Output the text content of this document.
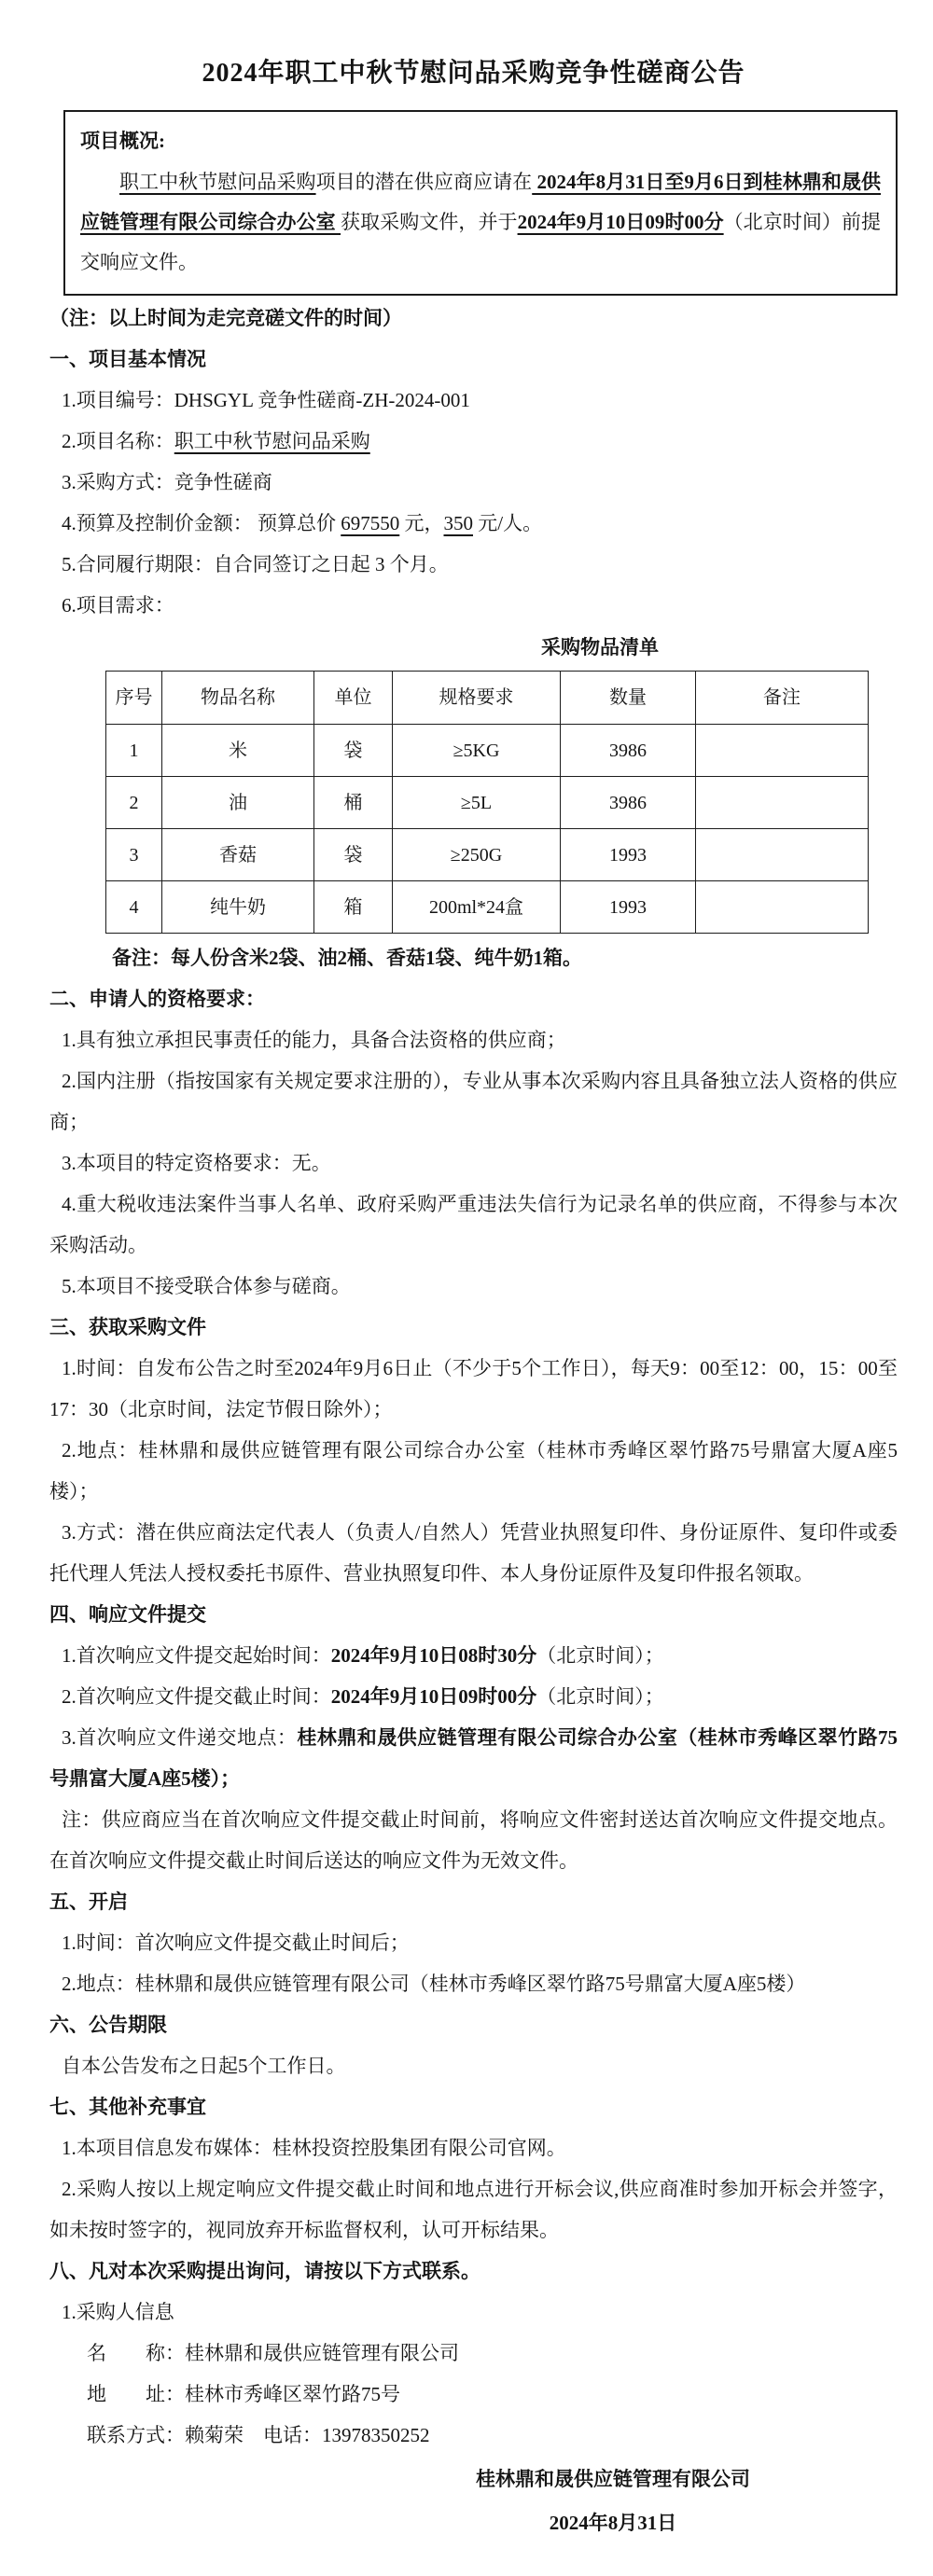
2024年职工中秋节慰问品采购竞争性磋商公告
项目概况:

职工中秋节慰问品采购项目的潜在供应商应请在 2024年8月31日至9月6日到桂林鼎和晟供应链管理有限公司综合办公室 获取采购文件，并于2024年9月10日09时00分（北京时间）前提交响应文件。

（注：以上时间为走完竞磋文件的时间）

一、项目基本情况

1.项目编号：DHSGYL 竞争性磋商-ZH-2024-001

2.项目名称：职工中秋节慰问品采购

3.采购方式：竞争性磋商

4.预算及控制价金额： 预算总价 697550 元，350 元/人。

5.合同履行期限：自合同签订之日起 3 个月。

6.项目需求：

采购物品清单
序号	物品名称	单位	规格要求	数量	备注
1	米	袋	≥5KG	3986	
2	油	桶	≥5L	3986	
3	香菇	袋	≥250G	1993	
4	纯牛奶	箱	200ml*24盒	1993	

备注：每人份含米2袋、油2桶、香菇1袋、纯牛奶1箱。

二、申请人的资格要求：

1.具有独立承担民事责任的能力，具备合法资格的供应商；

2.国内注册（指按国家有关规定要求注册的），专业从事本次采购内容且具备独立法人资格的供应商；

3.本项目的特定资格要求：无。

4.重大税收违法案件当事人名单、政府采购严重违法失信行为记录名单的供应商，不得参与本次采购活动。

5.本项目不接受联合体参与磋商。

三、获取采购文件

1.时间：自发布公告之时至2024年9月6日止（不少于5个工作日），每天9：00至12：00，15：00至17：30（北京时间，法定节假日除外）；

2.地点：桂林鼎和晟供应链管理有限公司综合办公室（桂林市秀峰区翠竹路75号鼎富大厦A座5楼）；

3.方式：潜在供应商法定代表人（负责人/自然人）凭营业执照复印件、身份证原件、复印件或委托代理人凭法人授权委托书原件、营业执照复印件、本人身份证原件及复印件报名领取。

四、响应文件提交

1.首次响应文件提交起始时间：2024年9月10日08时30分（北京时间）；

2.首次响应文件提交截止时间：2024年9月10日09时00分（北京时间）；

3.首次响应文件递交地点：桂林鼎和晟供应链管理有限公司综合办公室（桂林市秀峰区翠竹路75号鼎富大厦A座5楼）；

注：供应商应当在首次响应文件提交截止时间前，将响应文件密封送达首次响应文件提交地点。在首次响应文件提交截止时间后送达的响应文件为无效文件。

五、开启

1.时间：首次响应文件提交截止时间后；

2.地点：桂林鼎和晟供应链管理有限公司（桂林市秀峰区翠竹路75号鼎富大厦A座5楼）

六、公告期限

自本公告发布之日起5个工作日。

七、其他补充事宜

1.本项目信息发布媒体：桂林投资控股集团有限公司官网。

2.采购人按以上规定响应文件提交截止时间和地点进行开标会议,供应商准时参加开标会并签字，如未按时签字的，视同放弃开标监督权利，认可开标结果。

八、凡对本次采购提出询问，请按以下方式联系。

1.采购人信息

名　　称：桂林鼎和晟供应链管理有限公司

地　　址：桂林市秀峰区翠竹路75号

联系方式：赖菊荣　电话：13978350252

桂林鼎和晟供应链管理有限公司
2024年8月31日
